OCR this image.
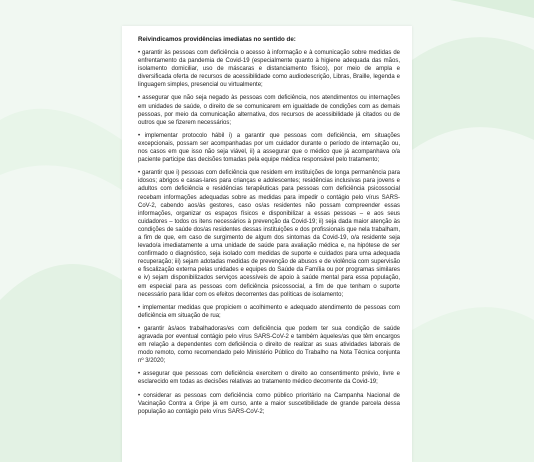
Reivindicamos providências imediatas no sentido de:
• garantir às pessoas com deficiência o acesso à informação e à comunicação sobre medidas de enfrentamento da pandemia de Covid-19 (especialmente quanto à higiene adequada das mãos, isolamento domiciliar, uso de máscaras e distanciamento físico), por meio de ampla e diversificada oferta de recursos de acessibilidade como audiodescrição, Libras, Braille, legenda e linguagem simples, presencial ou virtualmente;
• assegurar que não seja negado às pessoas com deficiência, nos atendimentos ou internações em unidades de saúde, o direito de se comunicarem em igualdade de condições com as demais pessoas, por meio da comunicação alternativa, dos recursos de acessibilidade já citados ou de outros que se fizerem necessários;
• implementar protocolo hábil i) a garantir que pessoas com deficiência, em situações excepcionais, possam ser acompanhadas por um cuidador durante o período de internação ou, nos casos em que isso não seja viável, ii) a assegurar que o médico que já acompanhava o/a paciente participe das decisões tomadas pela equipe médica responsável pelo tratamento;
• garantir que i) pessoas com deficiência que residem em instituições de longa permanência para idosos; abrigos e casas-lares para crianças e adolescentes; residências inclusivas para jovens e adultos com deficiência e residências terapêuticas para pessoas com deficiência psicossocial recebam informações adequadas sobre as medidas para impedir o contágio pelo vírus SARS-CoV-2, cabendo aos/às gestores, caso os/as residentes não possam compreender essas informações, organizar os espaços físicos e disponibilizar a essas pessoas – e aos seus cuidadores – todos os itens necessários à prevenção da Covid-19; ii) seja dada maior atenção às condições de saúde dos/as residentes dessas instituições e dos profissionais que nela trabalham, a fim de que, em caso de surgimento de algum dos sintomas da Covid-19, o/a residente seja levado/a imediatamente a uma unidade de saúde para avaliação médica e, na hipótese de ser confirmado o diagnóstico, seja isolado com medidas de suporte e cuidados para uma adequada recuperação; iii) sejam adotadas medidas de prevenção de abusos e de violência com supervisão e fiscalização externa pelas unidades e equipes do Saúde da Família ou por programas similares e iv) sejam disponibilizados serviços acessíveis de apoio à saúde mental para essa população, em especial para as pessoas com deficiência psicossocial, a fim de que tenham o suporte necessário para lidar com os efeitos decorrentes das políticas de isolamento;
• implementar medidas que propiciem o acolhimento e adequado atendimento de pessoas com deficiência em situação de rua;
• garantir às/aos trabalhadoras/es com deficiência que podem ter sua condição de saúde agravada por eventual contágio pelo vírus SARS-CoV-2 e também àqueles/as que têm encargos em relação a dependentes com deficiência o direito de realizar as suas atividades laborais de modo remoto, como recomendado pelo Ministério Público do Trabalho na Nota Técnica conjunta nº 3/2020;
• assegurar que pessoas com deficiência exercitem o direito ao consentimento prévio, livre e esclarecido em todas as decisões relativas ao tratamento médico decorrente da Covid-19;
• considerar as pessoas com deficiência como público prioritário na Campanha Nacional de Vacinação Contra a Gripe já em curso, ante a maior suscetibilidade de grande parcela dessa população ao contágio pelo vírus SARS-CoV-2;
